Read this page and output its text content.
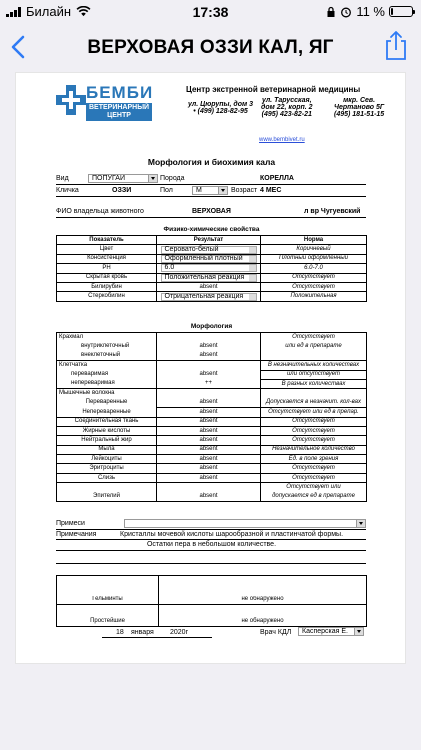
Билайн	17:38	11 %
ВЕРХОВАЯ ОЗЗИ КАЛ, ЯГ
БЕМБИ
ВЕТЕРИНАРНЫЙ
ЦЕНТР
Центр экстренной ветеринарной медицины
ул. Цюрупы, дом 3
• (499) 128-82-95
ул. Тарусская,
дом 22, корп. 2
(495) 423-82-21
мкр. Сев.
Чертаново 5Г
(495) 181-51-15
www.bembivet.ru
Морфология и биохимия кала
Вид	ПОПУГАЙ	Порода	КОРЕЛЛА
Кличка	ОЗЗИ	Пол	М	Возраст 4 МЕС
ФИО владельца животного	ВЕРХОВАЯ	л вр Чугуевский
Физико-химические свойства
Показатель	Результат	Норма
Цвет	Серовато-белый	Коричневый
Консистенция	Оформленный плотный	Плотный оформленный
PH	6.0	6.0-7.0
Скрытая кровь	Положительная реакция	Отсутствует
Билирубин	absent	Отсутствует
Стеркобилин	Отрицательная реакция	Положительная
Морфология
Крахмал		Отсутствует
внутриклеточный	absent	или ед в препарате
внеклеточный	absent	
Клетчатка		В незначительных количествах
переваримая	absent	или отсутствует
непереваримая	++	В разных количествах
Мышечные волокна		
Переваренные	absent	Допускается в незначит. кол-вах
Непереваренные	absent	Отсутствует или ед в препар.
Соединительная ткань	absent	Отсутствует
Жирные кислоты	absent	Отсутствует
Нейтральный жир	absent	Отсутствует
Мыла	absent	Незначительное количество
Лейкоциты	absent	Ед. в поле зрения
Эритроциты	absent	Отсутствует
Слизь	absent	Отсутствует
		Отсутствует или
Эпителий	absent	допускается ед в препарате
Примеси
Примечания	Кристаллы мочевой кислоты шарообразной и пластинчатой формы.
Остатки пера в небольшом количестве.

Гельминты	не обнаружено

Простейшие	не обнаружено
18 января 2020г	Врач КДЛ	Касперская Е.
